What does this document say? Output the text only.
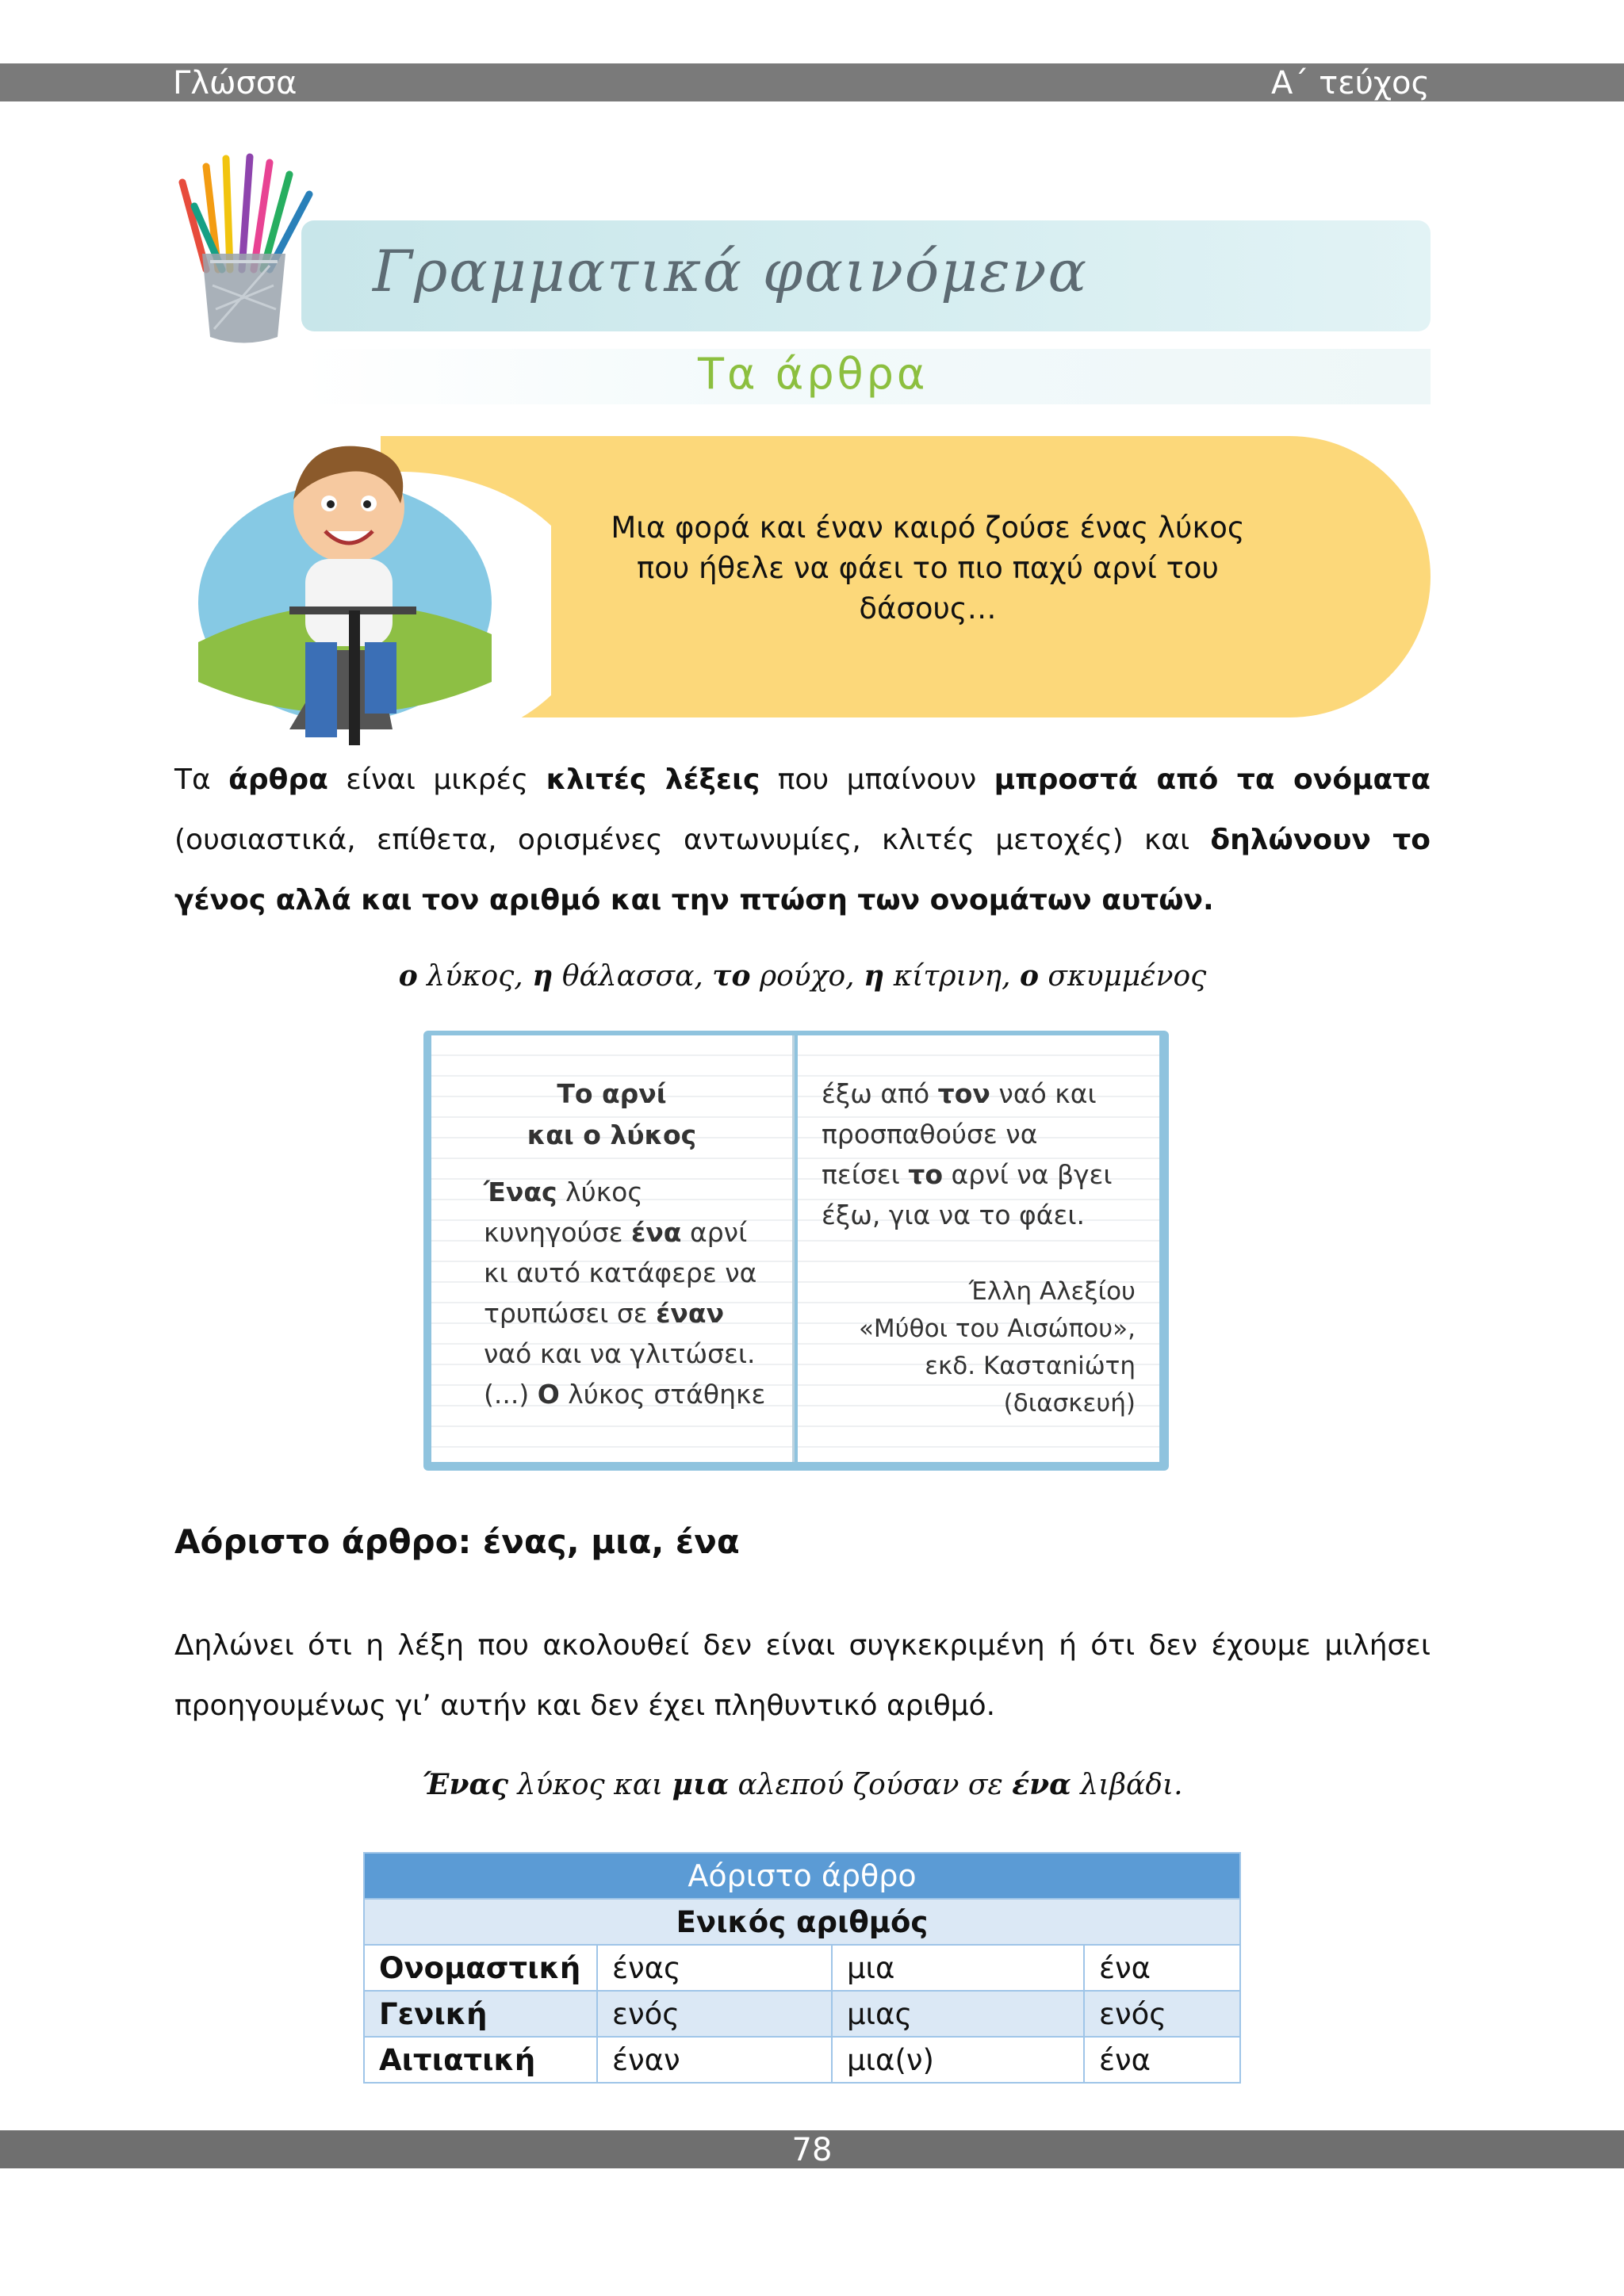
Γλώσσα	Α΄ τεύχος
Γραμματικά φαινόμενα
Τα άρθρα
Μια φορά και έναν καιρό ζούσε ένας λύκος
που ήθελε να φάει το πιο παχύ αρνί του
δάσους…
Τα άρθρα είναι μικρές κλιτές λέξεις που μπαίνουν μπροστά από τα ονόματα (ουσιαστικά, επίθετα, ορισμένες αντωνυμίες, κλιτές μετοχές) και δηλώνουν το γένος αλλά και τον αριθμό και την πτώση των ονομάτων αυτών.
ο λύκος, η θάλασσα, το ρούχο, η κίτρινη, ο σκυμμένος
Το αρνί
και ο λύκος
Ένας λύκος
κυνηγούσε ένα αρνί
κι αυτό κατάφερε να
τρυπώσει σε έναν
ναό και να γλιτώσει.
(...) Ο λύκος στάθηκε
έξω από τον ναό και
προσπαθούσε να
πείσει το αρνί να βγει
έξω, για να το φάει.
Έλλη Αλεξίου
«Μύθοι του Αισώπου»,
εκδ. Κασταniώτη
(διασκευή)
Αόριστο άρθρο: ένας, μια, ένα
Δηλώνει ότι η λέξη που ακολουθεί δεν είναι συγκεκριμένη ή ότι δεν έχουμε μιλήσει
προηγουμένως γι’ αυτήν και δεν έχει πληθυντικό αριθμό.
Ένας λύκος και μια αλεπού ζούσαν σε ένα λιβάδι.
Αόριστο άρθρο			
Ενικός αριθμός			
Ονομαστική	ένας	μια	ένα
Γενική	ενός	μιας	ενός
Αιτιατική	έναν	μια(ν)	ένα
78
